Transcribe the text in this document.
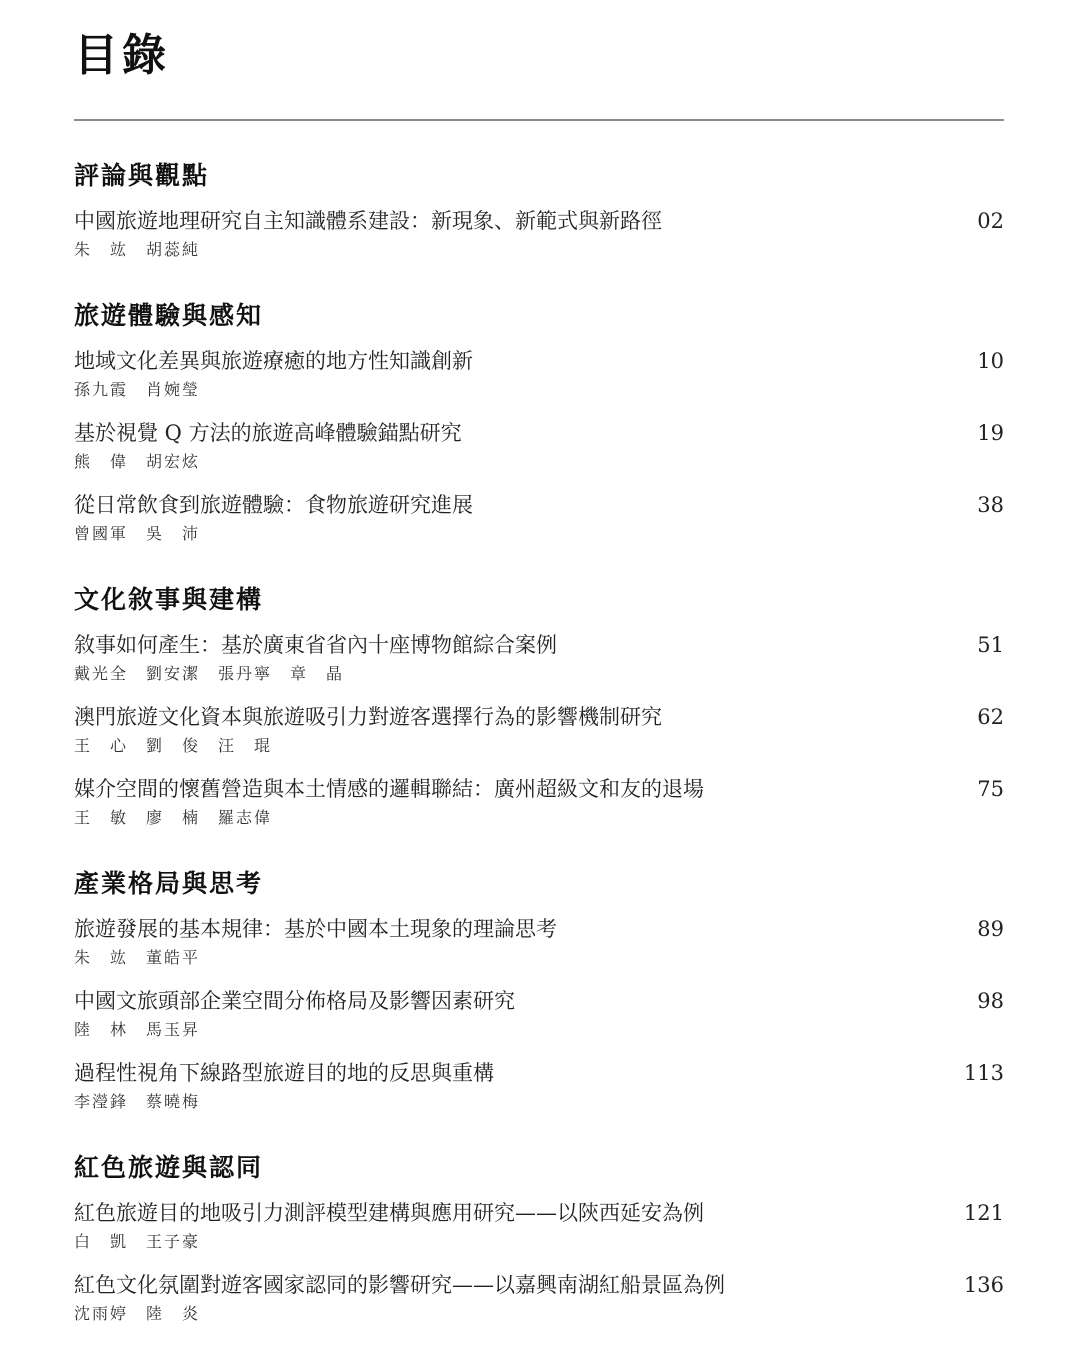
目錄
評論與觀點
中國旅遊地理研究自主知識體系建設：新現象、新範式與新路徑	02
朱　竑　胡蕊純
旅遊體驗與感知
地域文化差異與旅遊療癒的地方性知識創新	10
孫九霞　肖婉瑩
基於視覺 Q 方法的旅遊高峰體驗錨點研究	19
熊　偉　胡宏炫
從日常飲食到旅遊體驗：食物旅遊研究進展	38
曾國軍　吳　沛
文化敘事與建構
敘事如何產生：基於廣東省省內十座博物館綜合案例	51
戴光全　劉安潔　張丹寧　章　晶
澳門旅遊文化資本與旅遊吸引力對遊客選擇行為的影響機制研究	62
王　心　劉　俊　汪　琨
媒介空間的懷舊營造與本土情感的邏輯聯結：廣州超級文和友的退場	75
王　敏　廖　楠　羅志偉
產業格局與思考
旅遊發展的基本規律：基於中國本土現象的理論思考	89
朱　竑　董皓平
中國文旅頭部企業空間分佈格局及影響因素研究	98
陸　林　馬玉昇
過程性視角下線路型旅遊目的地的反思與重構	113
李瀅鋒　蔡曉梅
紅色旅遊與認同
紅色旅遊目的地吸引力測評模型建構與應用研究——以陝西延安為例	121
白　凱　王子豪
紅色文化氛圍對遊客國家認同的影響研究——以嘉興南湖紅船景區為例	136
沈雨婷　陸　炎
